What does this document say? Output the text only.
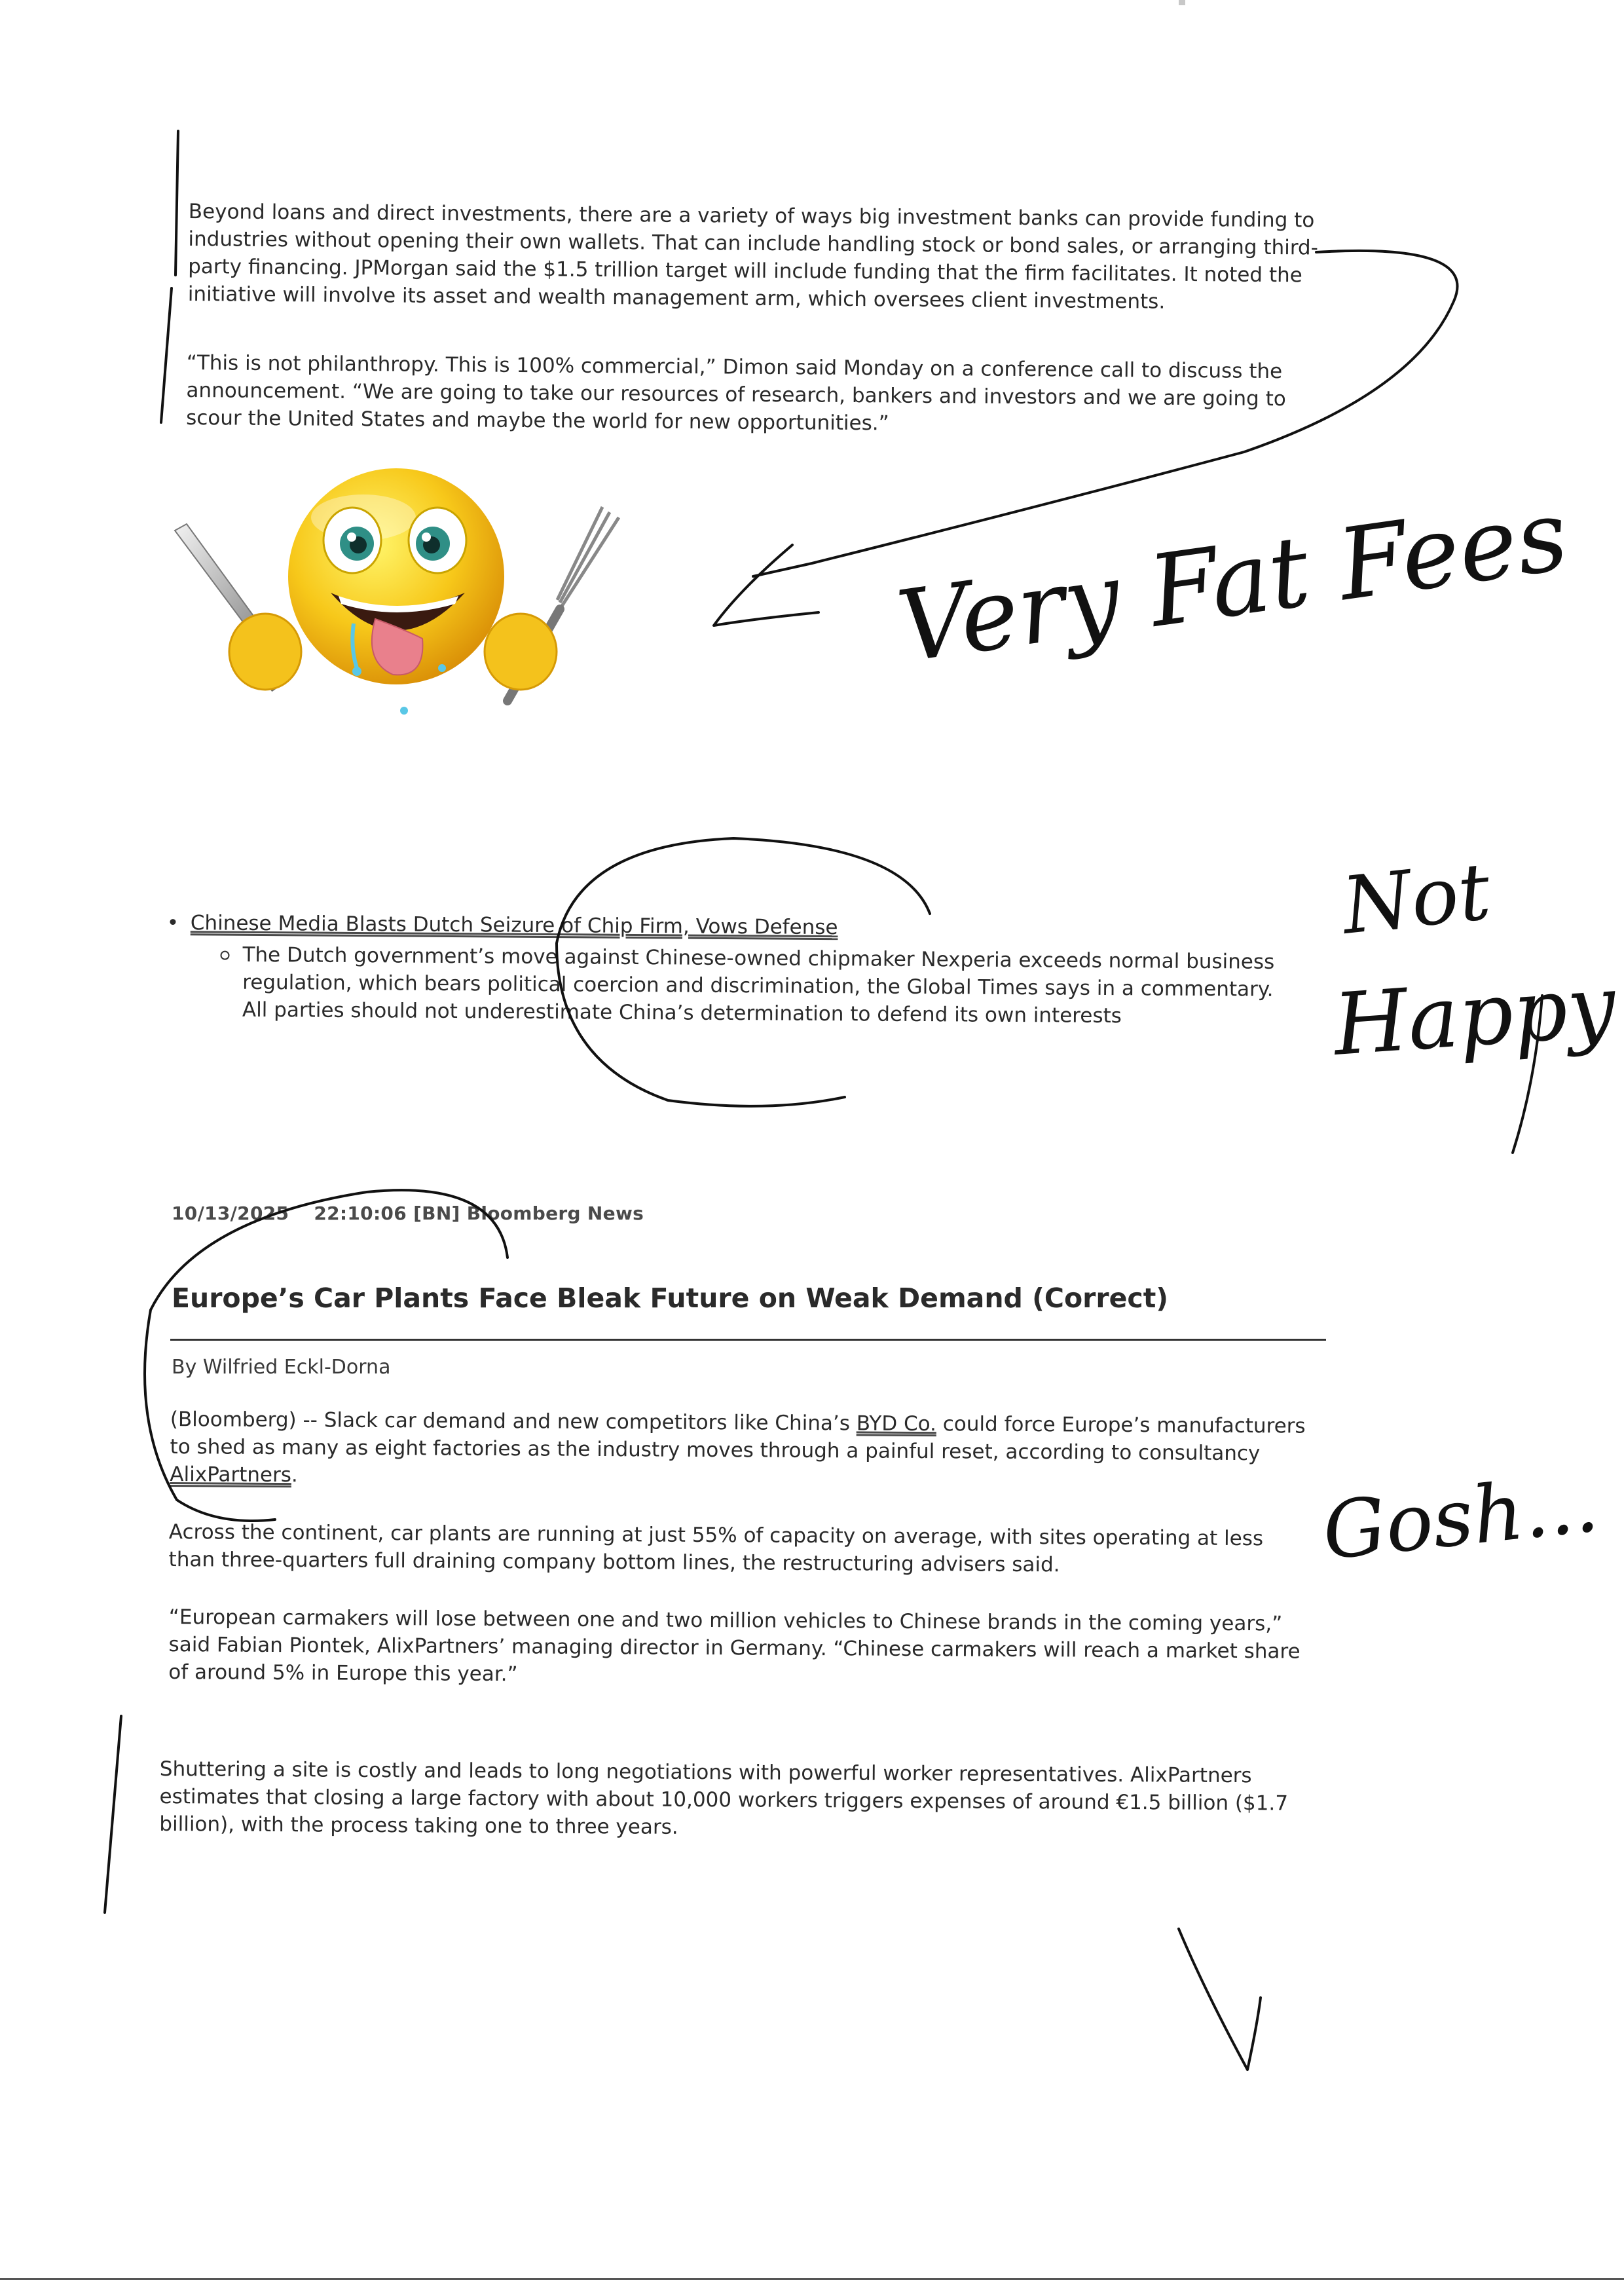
Beyond loans and direct investments, there are a variety of ways big investment banks can provide funding to
industries without opening their own wallets. That can include handling stock or bond sales, or arranging third-
party financing. JPMorgan said the $1.5 trillion target will include funding that the firm facilitates. It noted the
initiative will involve its asset and wealth management arm, which oversees client investments.

“This is not philanthropy. This is 100% commercial,” Dimon said Monday on a conference call to discuss the
announcement. “We are going to take our resources of research, bankers and investors and we are going to
scour the United States and maybe the world for new opportunities.”

• Chinese Media Blasts Dutch Seizure of Chip Firm, Vows Defense
The Dutch government’s move against Chinese-owned chipmaker Nexperia exceeds normal business
regulation, which bears political coercion and discrimination, the Global Times says in a commentary.
All parties should not underestimate China’s determination to defend its own interests
10/13/2025 22:10:06 [BN] Bloomberg News
Europe’s Car Plants Face Bleak Future on Weak Demand (Correct)
By Wilfried Eckl-Dorna

(Bloomberg) -- Slack car demand and new competitors like China’s BYD Co. could force Europe’s manufacturers
to shed as many as eight factories as the industry moves through a painful reset, according to consultancy
AlixPartners.

Across the continent, car plants are running at just 55% of capacity on average, with sites operating at less
than three-quarters full draining company bottom lines, the restructuring advisers said.

“European carmakers will lose between one and two million vehicles to Chinese brands in the coming years,”
said Fabian Piontek, AlixPartners’ managing director in Germany. “Chinese carmakers will reach a market share
of around 5% in Europe this year.”

Shuttering a site is costly and leads to long negotiations with powerful worker representatives. AlixPartners
estimates that closing a large factory with about 10,000 workers triggers expenses of around €1.5 billion ($1.7
billion), with the process taking one to three years.

Very Fat Fees
Not
Happy
Gosh...
